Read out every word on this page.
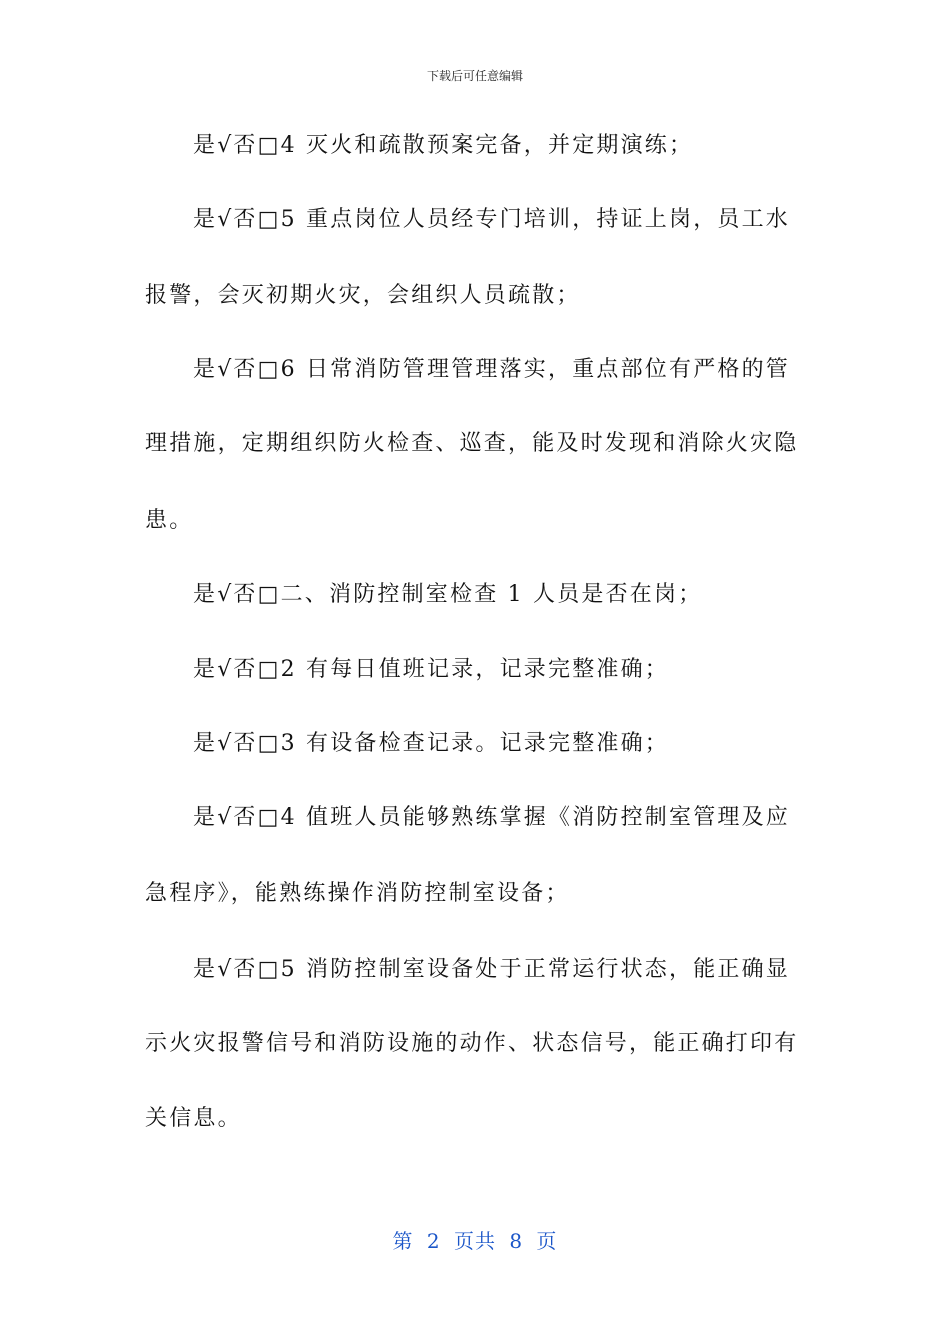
下载后可任意编辑
是√否□4 灭火和疏散预案完备，并定期演练；
是√否□5 重点岗位人员经专门培训，持证上岗，员工水
报警，会灭初期火灾，会组织人员疏散；
是√否□6 日常消防管理管理落实，重点部位有严格的管
理措施，定期组织防火检查、巡查，能及时发现和消除火灾隐
患。
是√否□二、消防控制室检查 1 人员是否在岗；
是√否□2 有每日值班记录，记录完整准确；
是√否□3 有设备检查记录。记录完整准确；
是√否□4 值班人员能够熟练掌握《消防控制室管理及应
急程序》，能熟练操作消防控制室设备；
是√否□5 消防控制室设备处于正常运行状态，能正确显
示火灾报警信号和消防设施的动作、状态信号，能正确打印有
关信息。
第 2 页共 8 页
